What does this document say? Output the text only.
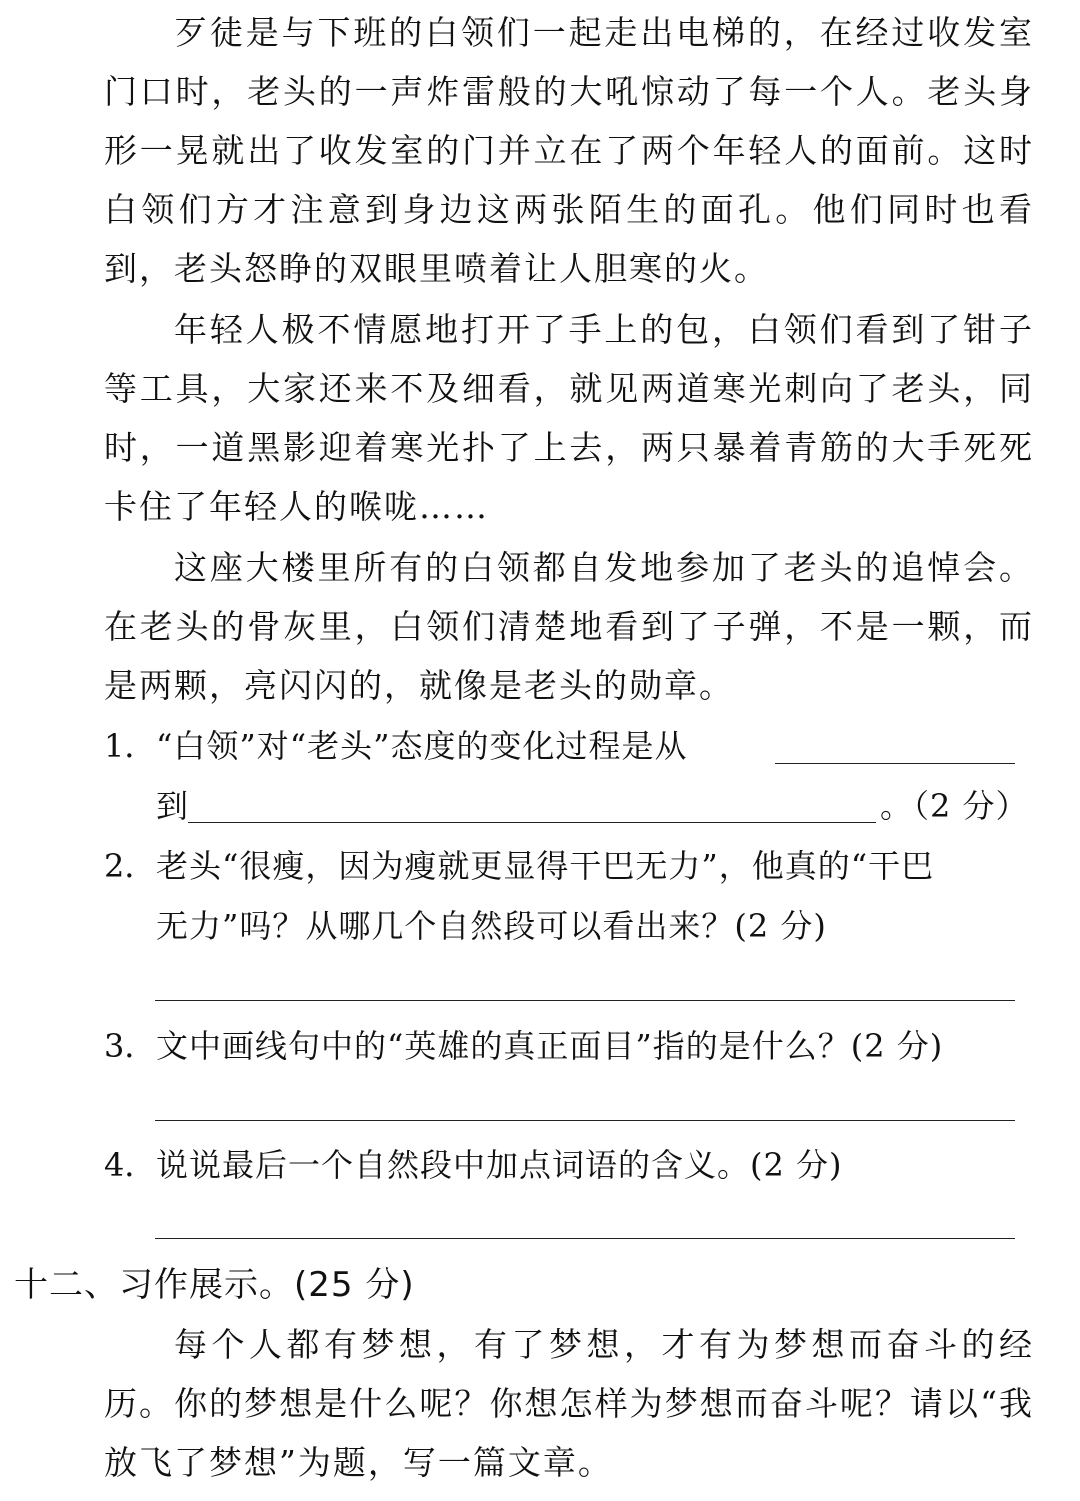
歹徒是与下班的白领们一起走出电梯的，在经过收发室门口时，老头的一声炸雷般的大吼惊动了每一个人。老头身形一晃就出了收发室的门并立在了两个年轻人的面前。这时白领们方才注意到身边这两张陌生的面孔。他们同时也看到，老头怒睁的双眼里喷着让人胆寒的火。

年轻人极不情愿地打开了手上的包，白领们看到了钳子等工具，大家还来不及细看，就见两道寒光刺向了老头，同时，一道黑影迎着寒光扑了上去，两只暴着青筋的大手死死卡住了年轻人的喉咙……

这座大楼里所有的白领都自发地参加了老头的追悼会。在老头的骨灰里，白领们清楚地看到了子弹，不是一颗，而是两颗，亮闪闪的，就像是老头的勋章。

1． “白领”对“老头”态度的变化过程是从
到	。（2 分）
2． 老头“很瘦，因为瘦就更显得干巴无力”，他真的“干巴
无力”吗？从哪几个自然段可以看出来？(2 分)
3． 文中画线句中的“英雄的真正面目”指的是什么？(2 分)
4． 说说最后一个自然段中加点词语的含义。(2 分)
十二、习作展示。(25 分)

每个人都有梦想，有了梦想，才有为梦想而奋斗的经历。你的梦想是什么呢？你想怎样为梦想而奋斗呢？请以“我放飞了梦想”为题，写一篇文章。
